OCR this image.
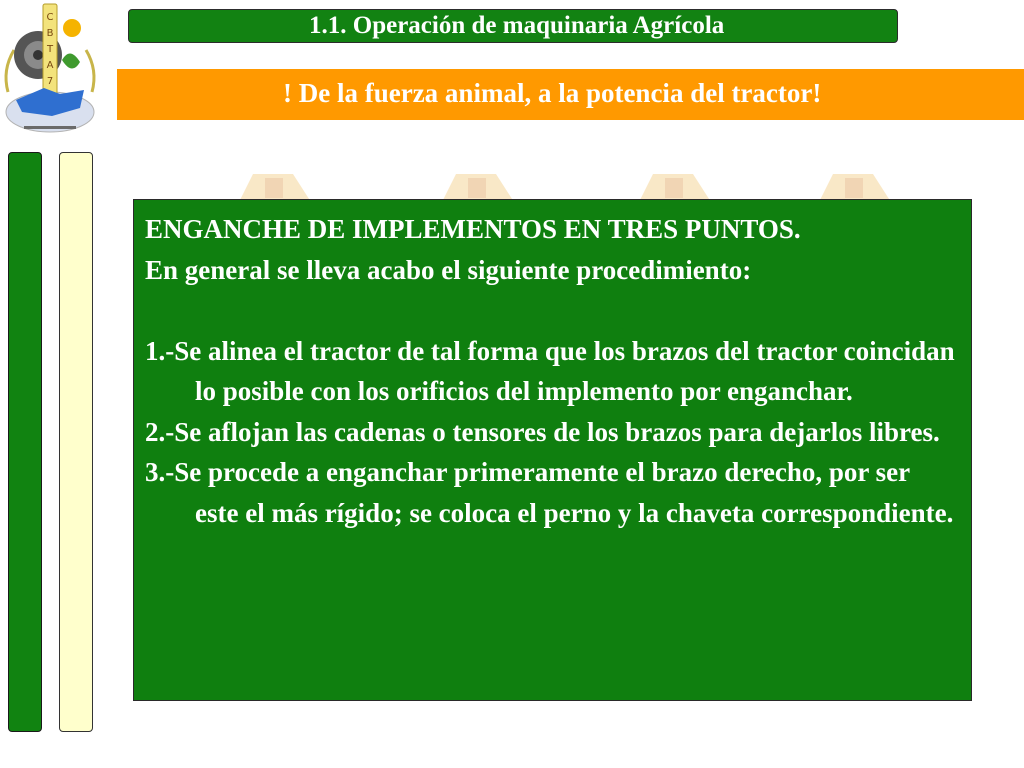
C
B
T
A
7
1.1. Operación de maquinaria Agrícola
! De la fuerza animal, a la potencia del tractor!

ENGANCHE DE IMPLEMENTOS EN TRES PUNTOS.

En general se lleva acabo el siguiente procedimiento:

1.-Se alinea el tractor de tal forma que los brazos del tractor coincidan lo posible con los orificios del implemento por enganchar.

2.-Se aflojan las cadenas o tensores de los brazos para dejarlos libres.

3.-Se procede a enganchar primeramente el brazo derecho, por ser este el más rígido; se coloca el perno y la chaveta correspondiente.
